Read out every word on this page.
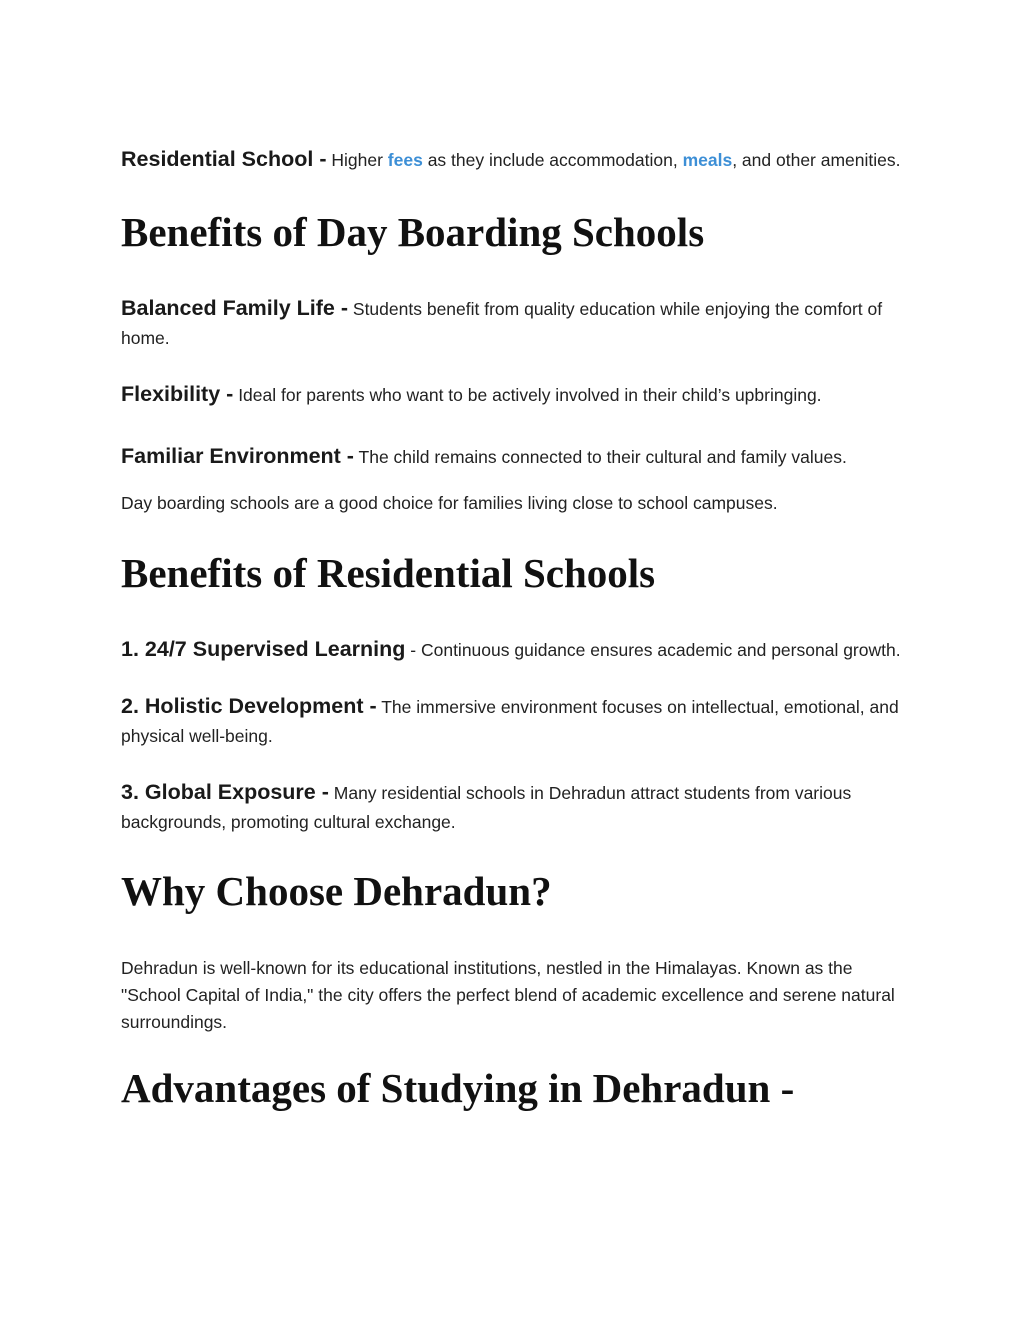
Residential School - Higher fees as they include accommodation, meals, and other amenities.

Benefits of Day Boarding Schools

Balanced Family Life - Students benefit from quality education while enjoying the comfort of home.

Flexibility - Ideal for parents who want to be actively involved in their child’s upbringing.

Familiar Environment - The child remains connected to their cultural and family values.

Day boarding schools are a good choice for families living close to school campuses.

Benefits of Residential Schools

1. 24/7 Supervised Learning - Continuous guidance ensures academic and personal growth.

2. Holistic Development - The immersive environment focuses on intellectual, emotional, and physical well-being.

3. Global Exposure - Many residential schools in Dehradun attract students from various backgrounds, promoting cultural exchange.

Why Choose Dehradun?

Dehradun is well-known for its educational institutions, nestled in the Himalayas. Known as the "School Capital of India," the city offers the perfect blend of academic excellence and serene natural surroundings.

Advantages of Studying in Dehradun -
